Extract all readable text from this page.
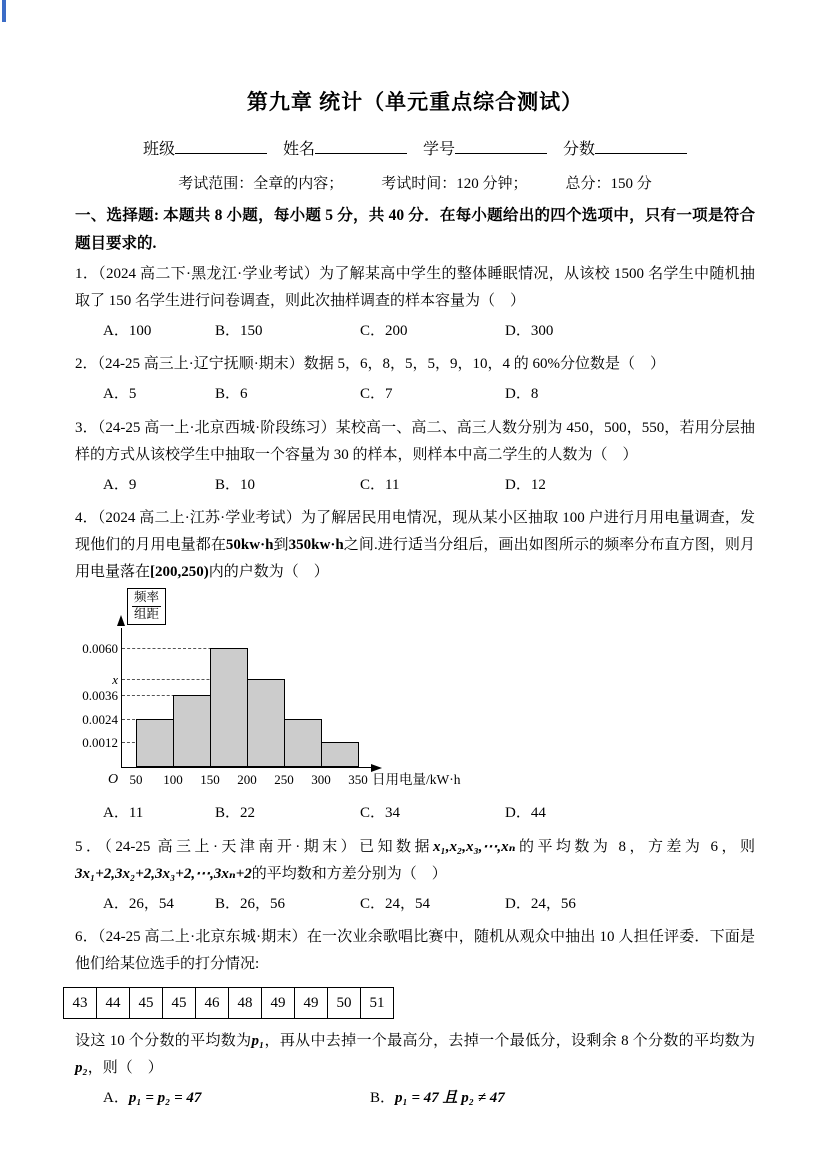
第九章 统计（单元重点综合测试）
班级	姓名	学号	分数
考试范围：全章的内容；	考试时间：120 分钟；	总分：150 分

一、选择题: 本题共 8 小题，每小题 5 分，共 40 分．在每小题给出的四个选项中，只有一项是符合题目要求的.

1．（2024 高二下·黑龙江·学业考试）为了解某高中学生的整体睡眠情况，从该校 1500 名学生中随机抽取了 150 名学生进行问卷调查，则此次抽样调查的样本容量为（　）

A．100	B．150	C．200	D．300

2．（24-25 高三上·辽宁抚顺·期末）数据 5，6，8，5，5，9，10，4 的 60%分位数是（　）

A．5	B．6	C．7	D．8

3．（24-25 高一上·北京西城·阶段练习）某校高一、高二、高三人数分别为 450，500，550，若用分层抽样的方式从该校学生中抽取一个容量为 30 的样本，则样本中高二学生的人数为（　）

A．9	B．10	C．11	D．12

4．（2024 高二上·江苏·学业考试）为了解居民用电情况，现从某小区抽取 100 户进行月用电量调查，发现他们的月用电量都在50kw·h到350kw·h之间.进行适当分组后，画出如图所示的频率分布直方图，则月用电量落在[200,250)内的户数为（　）

频率
组距
O	日用电量/kW·h
0.0060
x
0.0036
0.0024
0.0012
50	100	150	200	250	300	350
A．11	B．22	C．34	D．44

5．（24-25 高三上·天津南开·期末）已知数据x₁,x₂,x₃,⋯,xₙ的平均数为 8，方差为 6，则3x₁+2,3x₂+2,3x₃+2,⋯,3xₙ+2的平均数和方差分别为（　）

A．26，54	B．26，56	C．24，54	D．24，56

6．（24-25 高二上·北京东城·期末）在一次业余歌唱比赛中，随机从观众中抽出 10 人担任评委．下面是他们给某位选手的打分情况:

43	44	45	45	46	48	49	49	50	51

设这 10 个分数的平均数为p₁，再从中去掉一个最高分，去掉一个最低分，设剩余 8 个分数的平均数为p₂，则（　）

A．p₁ = p₂ = 47	B．p₁ = 47 且 p₂ ≠ 47
